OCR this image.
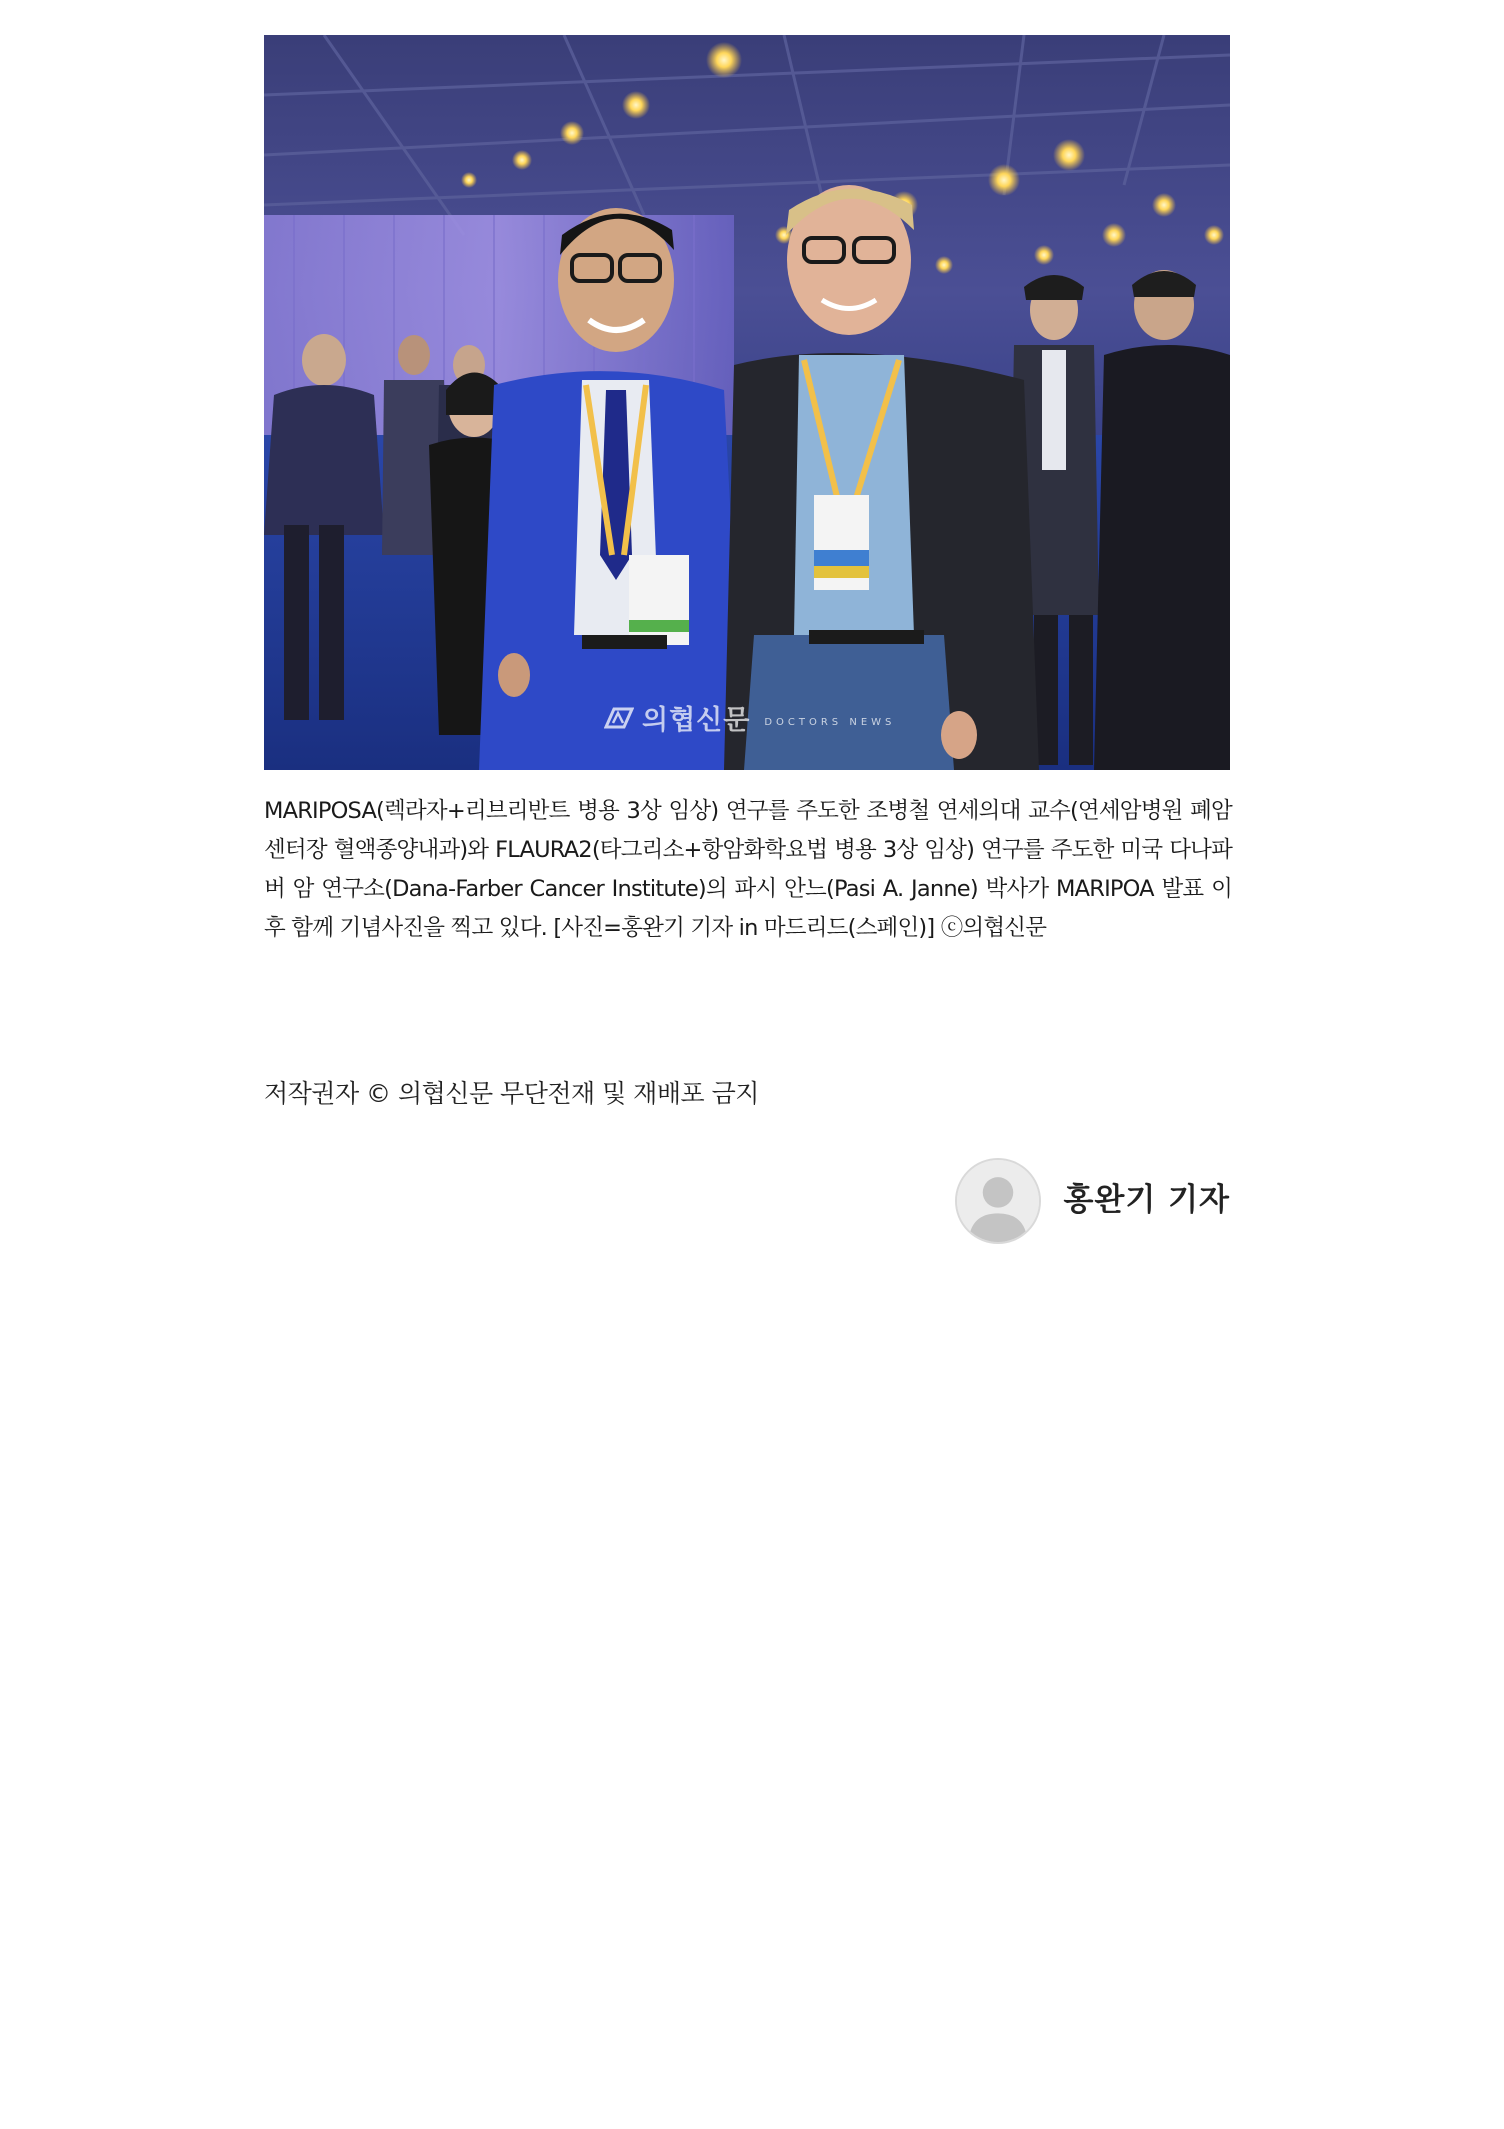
의협신문 DOCTORS NEWS

MARIPOSA(렉라자+리브리반트 병용 3상 임상) 연구를 주도한 조병철 연세의대 교수(연세암병원 폐암센터장 혈액종양내과)와 FLAURA2(타그리소+항암화학요법 병용 3상 임상) 연구를 주도한 미국 다나파버 암 연구소(Dana-Farber Cancer Institute)의 파시 안느(Pasi A. Janne) 박사가 MARIPOA 발표 이후 함께 기념사진을 찍고 있다. [사진=홍완기 기자 in 마드리드(스페인)] ⓒ의협신문

저작권자 © 의협신문 무단전재 및 재배포 금지

홍완기 기자
